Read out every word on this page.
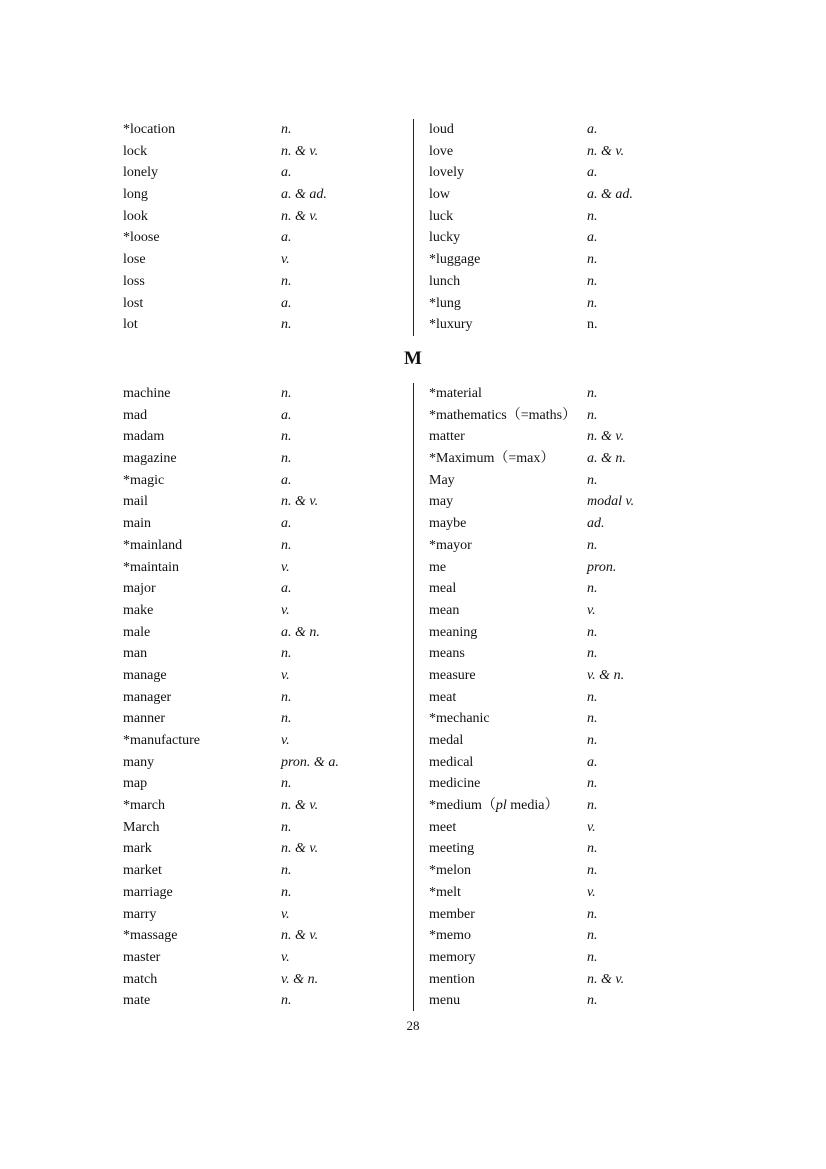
*location	n.
lock	n. & v.
lonely	a.
long	a. & ad.
look	n. & v.
*loose	a.
lose	v.
loss	n.
lost	a.
lot	n.
loud	a.
love	n. & v.
lovely	a.
low	a. & ad.
luck	n.
lucky	a.
*luggage	n.
lunch	n.
*lung	n.
*luxury	n.
M
machine	n.
mad	a.
madam	n.
magazine	n.
*magic	a.
mail	n. & v.
main	a.
*mainland	n.
*maintain	v.
major	a.
make	v.
male	a. & n.
man	n.
manage	v.
manager	n.
manner	n.
*manufacture	v.
many	pron. & a.
map	n.
*march	n. & v.
March	n.
mark	n. & v.
market	n.
marriage	n.
marry	v.
*massage	n. & v.
master	v.
match	v. & n.
mate	n.
*material	n.
*mathematics（=maths） n.
matter	n. & v.
*Maximum（=max） a. & n.
May	n.
may	modal v.
maybe	ad.
*mayor	n.
me	pron.
meal	n.
mean	v.
meaning	n.
means	n.
measure	v. & n.
meat	n.
*mechanic	n.
medal	n.
medical	a.
medicine	n.
*medium（pl media） n.
meet	v.
meeting	n.
*melon	n.
*melt	v.
member	n.
*memo	n.
memory	n.
mention	n. & v.
menu	n.
28
